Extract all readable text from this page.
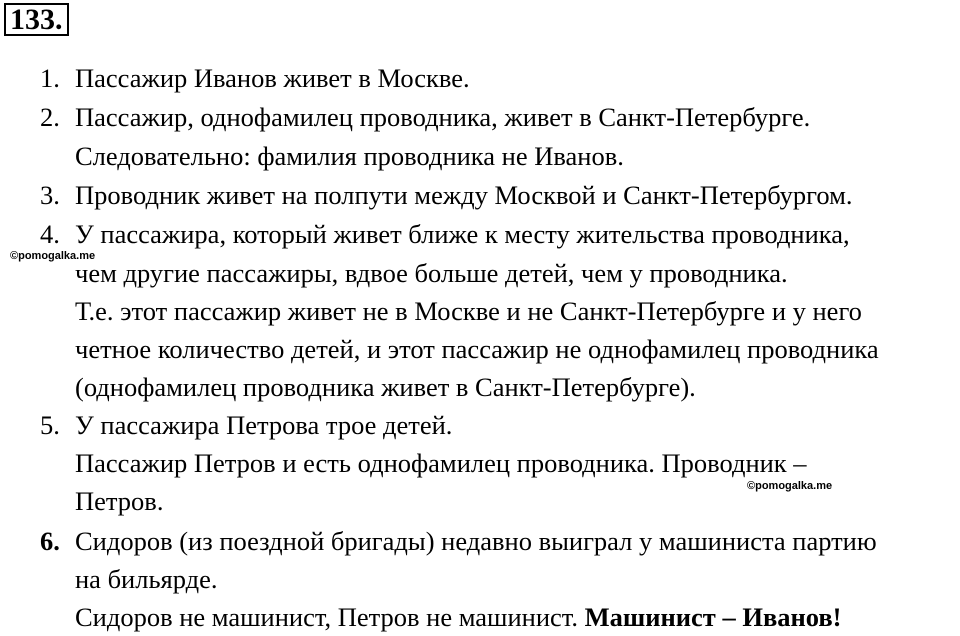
133.
1. Пассажир Иванов живет в Москве.
2. Пассажир, однофамилец проводника, живет в Санкт-Петербурге.
Следовательно: фамилия проводника не Иванов.
3. Проводник живет на полпути между Москвой и Санкт-Петербургом.
4. У пассажира, который живет ближе к месту жительства проводника,
©pomogalka.me
чем другие пассажиры, вдвое больше детей, чем у проводника.
Т.е. этот пассажир живет не в Москве и не Санкт-Петербурге и у него
четное количество детей, и этот пассажир не однофамилец проводника
(однофамилец проводника живет в Санкт-Петербурге).
5. У пассажира Петрова трое детей.
Пассажир Петров и есть однофамилец проводника. Проводник –
Петров.	©pomogalka.me
6. Сидоров (из поездной бригады) недавно выиграл у машиниста партию
на бильярде.
Сидоров не машинист, Петров не машинист. Машинист – Иванов!
